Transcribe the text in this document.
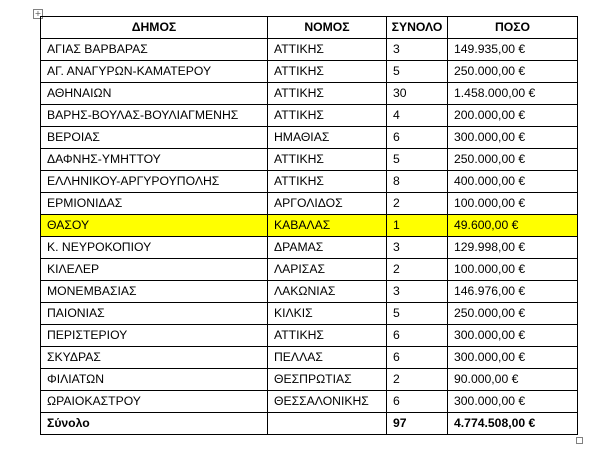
+
ΔΗΜΟΣ	ΝΟΜΟΣ	ΣΥΝΟΛΟ	ΠΟΣΟ
ΑΓΙΑΣ ΒΑΡΒΑΡΑΣ	ΑΤΤΙΚΗΣ	3	149.935,00 €
ΑΓ. ΑΝΑΓΥΡΩΝ-ΚΑΜΑΤΕΡΟΥ	ΑΤΤΙΚΗΣ	5	250.000,00 €
ΑΘΗΝΑΙΩΝ	ΑΤΤΙΚΗΣ	30	1.458.000,00 €
ΒΑΡΗΣ-ΒΟΥΛΑΣ-ΒΟΥΛΙΑΓΜΕΝΗΣ	ΑΤΤΙΚΗΣ	4	200.000,00 €
ΒΕΡΟΙΑΣ	ΗΜΑΘΙΑΣ	6	300.000,00 €
ΔΑΦΝΗΣ-ΥΜΗΤΤΟΥ	ΑΤΤΙΚΗΣ	5	250.000,00 €
ΕΛΛΗΝΙΚΟΥ-ΑΡΓΥΡΟΥΠΟΛΗΣ	ΑΤΤΙΚΗΣ	8	400.000,00 €
ΕΡΜΙΟΝΙΔΑΣ	ΑΡΓΟΛΙΔΟΣ	2	100.000,00 €
ΘΑΣΟΥ	ΚΑΒΑΛΑΣ	1	49.600,00 €
Κ. ΝΕΥΡΟΚΟΠΙΟΥ	ΔΡΑΜΑΣ	3	129.998,00 €
ΚΙΛΕΛΕΡ	ΛΑΡΙΣΑΣ	2	100.000,00 €
ΜΟΝΕΜΒΑΣΙΑΣ	ΛΑΚΩΝΙΑΣ	3	146.976,00 €
ΠΑΙΟΝΙΑΣ	ΚΙΛΚΙΣ	5	250.000,00 €
ΠΕΡΙΣΤΕΡΙΟΥ	ΑΤΤΙΚΗΣ	6	300.000,00 €
ΣΚΥΔΡΑΣ	ΠΕΛΛΑΣ	6	300.000,00 €
ΦΙΛΙΑΤΩΝ	ΘΕΣΠΡΩΤΙΑΣ	2	90.000,00 €
ΩΡΑΙΟΚΑΣΤΡΟΥ	ΘΕΣΣΑΛΟΝΙΚΗΣ	6	300.000,00 €
Σύνολο		97	4.774.508,00 €
